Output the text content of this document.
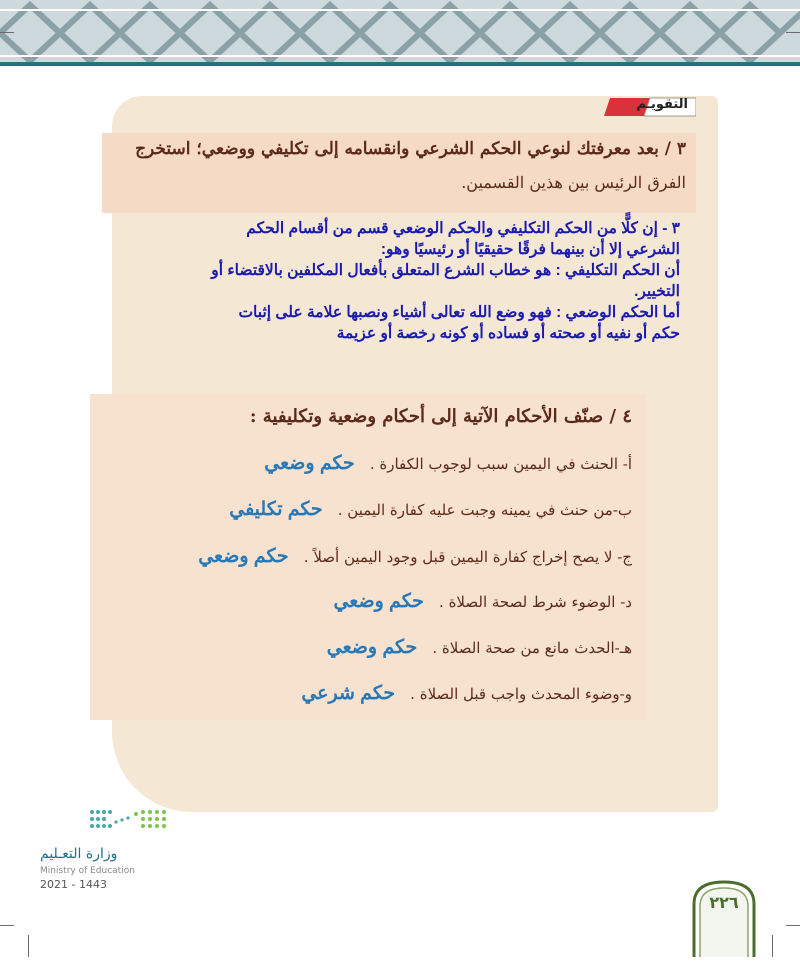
التقويـم
٣ / بعد معرفتك لنوعي الحكم الشرعي وانقسامه إلى تكليفي ووضعي؛ استخرج
الفرق الرئيس بين هذين القسمين.
٣ - إن كلًّا من الحكم التكليفي والحكم الوضعي قسم من أقسام الحكم
الشرعي إلا أن بينهما فرقًا حقيقيًا أو رئيسيًا وهو:
أن الحكم التكليفي : هو خطاب الشرع المتعلق بأفعال المكلفين بالاقتضاء أو
التخيير.
أما الحكم الوضعي : فهو وضع الله تعالى أشياء ونصبها علامة على إثبات
حكم أو نفيه أو صحته أو فساده أو كونه رخصة أو عزيمة
٤ / صنّف الأحكام الآتية إلى أحكام وضعية وتكليفية :
أ- الحنث في اليمين سبب لوجوب الكفارة . حكم وضعي
ب-من حنث في يمينه وجبت عليه كفارة اليمين . حكم تكليفي
ج- لا يصح إخراج كفارة اليمين قبل وجود اليمين أصلاً . حكم وضعي
د- الوضوء شرط لصحة الصلاة . حكم وضعي
هـ-الحدث مانع من صحة الصلاة . حكم وضعي
و-وضوء المحدث واجب قبل الصلاة . حكم شرعي
وزارة التعـليم
Ministry of Education
2021 - 1443
٢٢٦
